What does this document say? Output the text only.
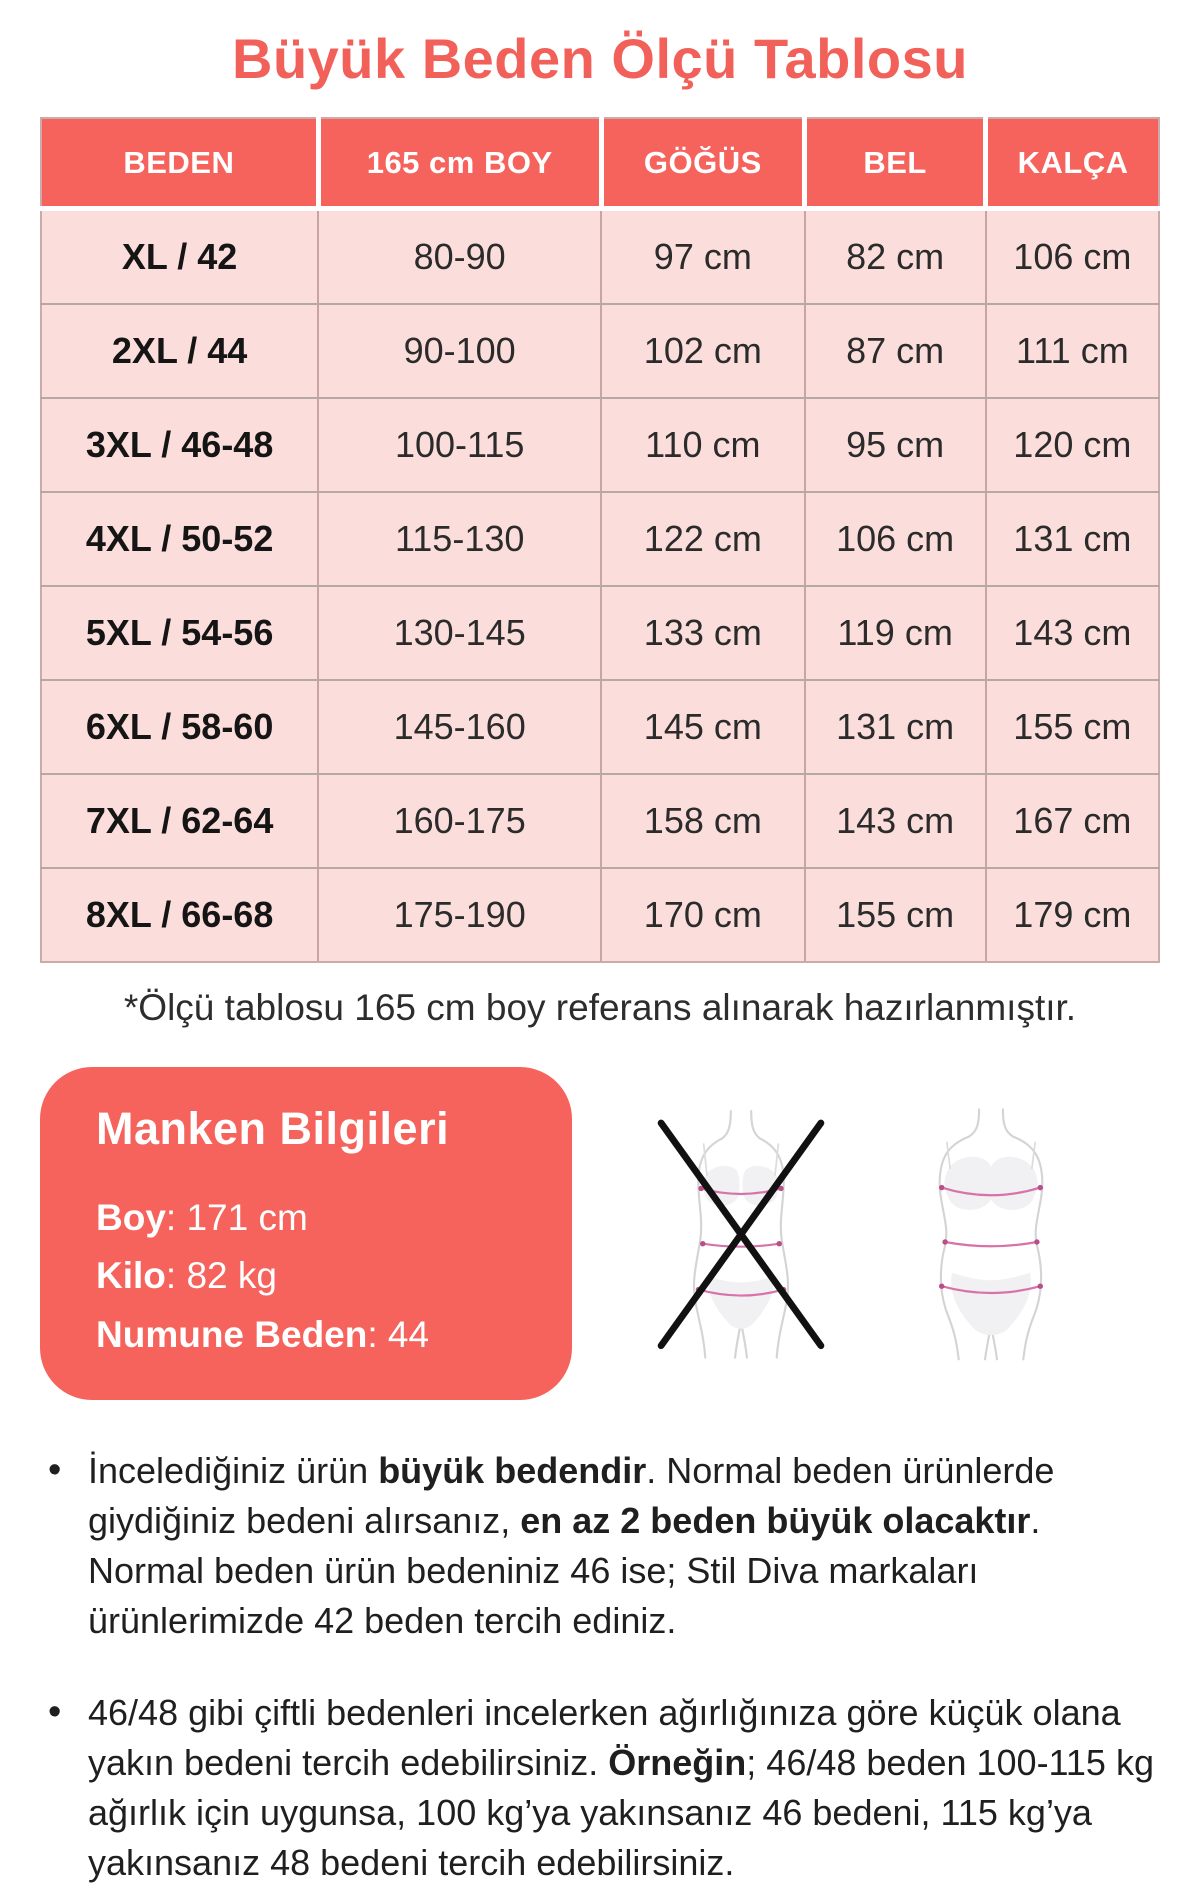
Büyük Beden Ölçü Tablosu
BEDEN	165 cm BOY	GÖĞÜS	BEL	KALÇA
XL / 42	80-90	97 cm	82 cm	106 cm
2XL / 44	90-100	102 cm	87 cm	111 cm
3XL / 46-48	100-115	110 cm	95 cm	120 cm
4XL / 50-52	115-130	122 cm	106 cm	131 cm
5XL / 54-56	130-145	133 cm	119 cm	143 cm
6XL / 58-60	145-160	145 cm	131 cm	155 cm
7XL / 62-64	160-175	158 cm	143 cm	167 cm
8XL / 66-68	175-190	170 cm	155 cm	179 cm

*Ölçü tablosu 165 cm boy referans alınarak hazırlanmıştır.

Manken Bilgileri

Boy: 171 cm

Kilo: 82 kg

Numune Beden: 44

• İncelediğiniz ürün büyük bedendir. Normal beden ürünlerde giydiğiniz bedeni alırsanız, en az 2 beden büyük olacaktır. Normal beden ürün bedeniniz 46 ise; Stil Diva markaları ürünlerimizde 42 beden tercih ediniz.
• 46/48 gibi çiftli bedenleri incelerken ağırlığınıza göre küçük olana yakın bedeni tercih edebilirsiniz. Örneğin; 46/48 beden 100-115 kg ağırlık için uygunsa, 100 kg’ya yakınsanız 46 bedeni, 115 kg’ya yakınsanız 48 bedeni tercih edebilirsiniz.
